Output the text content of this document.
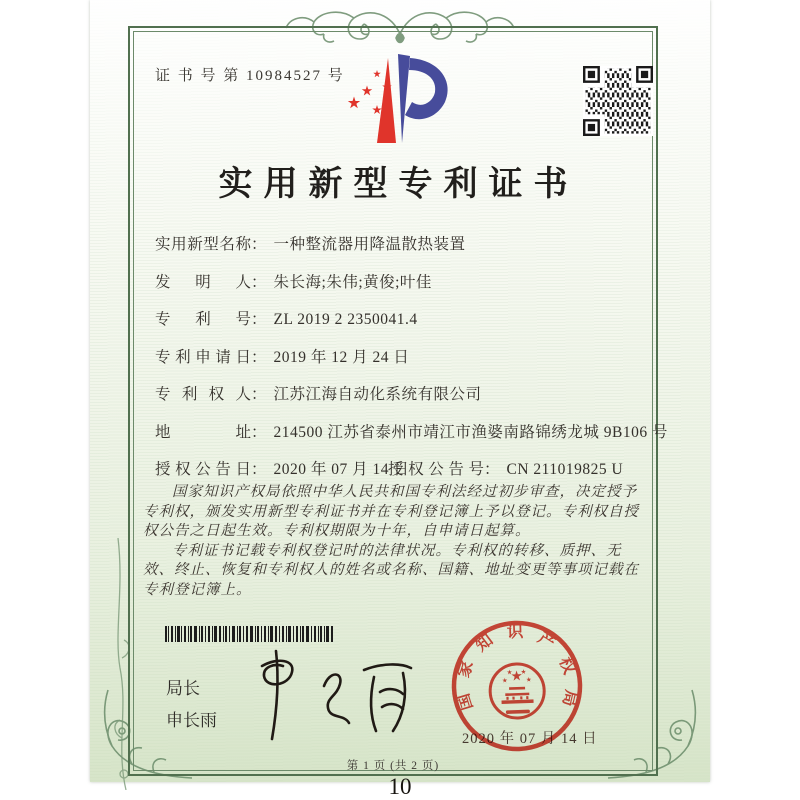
证 书 号 第 10984527 号
实用新型专利证书
实用新型名称： 一种整流器用降温散热装置
发明人： 朱长海;朱伟;黄俊;叶佳
专利号： ZL 2019 2 2350041.4
专利申请日： 2019 年 12 月 24 日
专利权人： 江苏江海自动化系统有限公司
地址： 214500 江苏省泰州市靖江市渔婆南路锦绣龙城 9B106 号
授权公告日： 2020 年 07 月 14 日
授权公告号： CN 211019825 U

国家知识产权局依照中华人民共和国专利法经过初步审查，决定授予专利权，颁发实用新型专利证书并在专利登记簿上予以登记。专利权自授权公告之日起生效。专利权期限为十年，自申请日起算。

专利证书记载专利权登记时的法律状况。专利权的转移、质押、无效、终止、恢复和专利权人的姓名或名称、国籍、地址变更等事项记载在专利登记簿上。

局长
申长雨
2020 年 07 月 14 日
国
家
知 识 产
权
局
第 1 页 (共 2 页)
10
